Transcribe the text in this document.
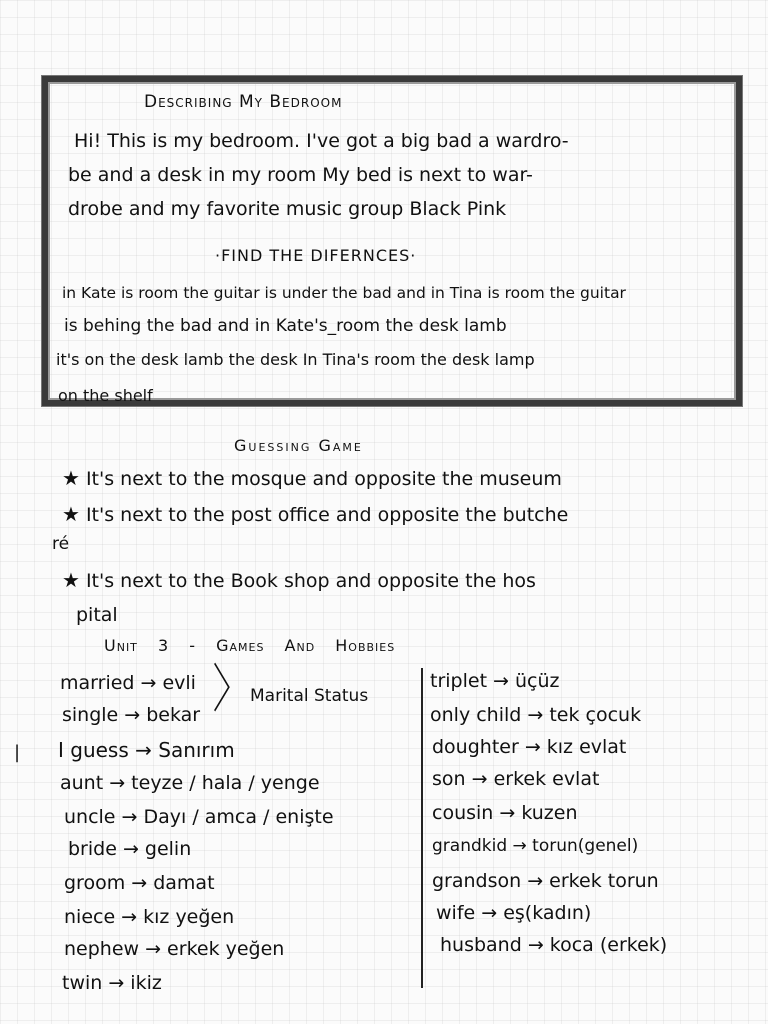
Describing My Bedroom
Hi! This is my bedroom. I've got a big bad a wardro-
be and a desk in my room My bed is next to war-
drobe and my favorite music group Black Pink
·FIND THE DIFERNCES·
in Kate is room the guitar is under the bad and in Tina is room the guitar
is behing the bad and in Kate's_room the desk lamb
it's on the desk lamb the desk In Tina's room the desk lamp
on the shelf
Guessing Game
★ It's next to the mosque and opposite the museum
★ It's next to the post office and opposite the butche
ré
★ It's next to the Book shop and opposite the hos
pital
Unit 3 - Games And Hobbies
〉 Marital Status
married → evli
single → bekar
I guess → Sanırım
aunt → teyze / hala / yenge
uncle → Dayı / amca / enişte
bride → gelin
groom → damat
niece → kız yeğen
nephew → erkek yeğen
twin → ikiz
triplet → üçüz
only child → tek çocuk
doughter → kız evlat
son → erkek evlat
cousin → kuzen
grandkid → torun(genel)
grandson → erkek torun
wife → eş(kadın)
husband → koca (erkek)
|
